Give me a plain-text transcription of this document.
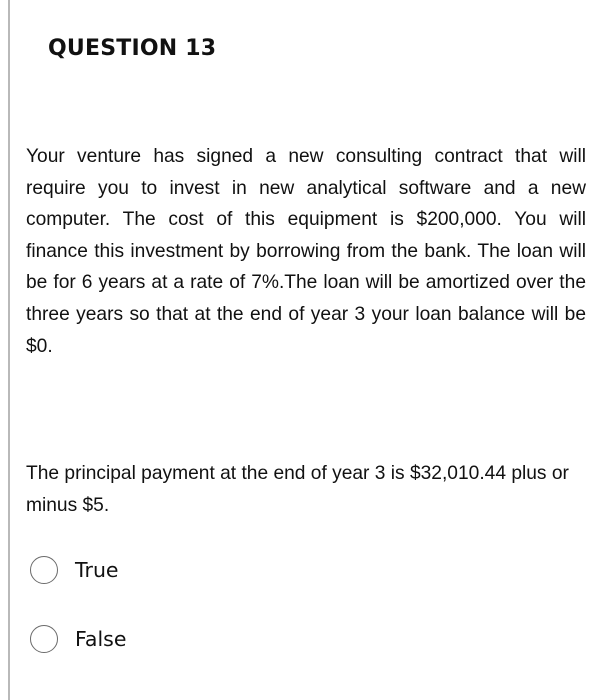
QUESTION 13
Your venture has signed a new consulting contract that will require you to invest in new analytical software and a new computer. The cost of this equipment is $200,000. You will finance this investment by borrowing from the bank. The loan will be for 6 years at a rate of 7%.The loan will be amortized over the three years so that at the end of year 3 your loan balance will be $0.
The principal payment at the end of year 3 is $32,010.44 plus or minus $5.
True
False
